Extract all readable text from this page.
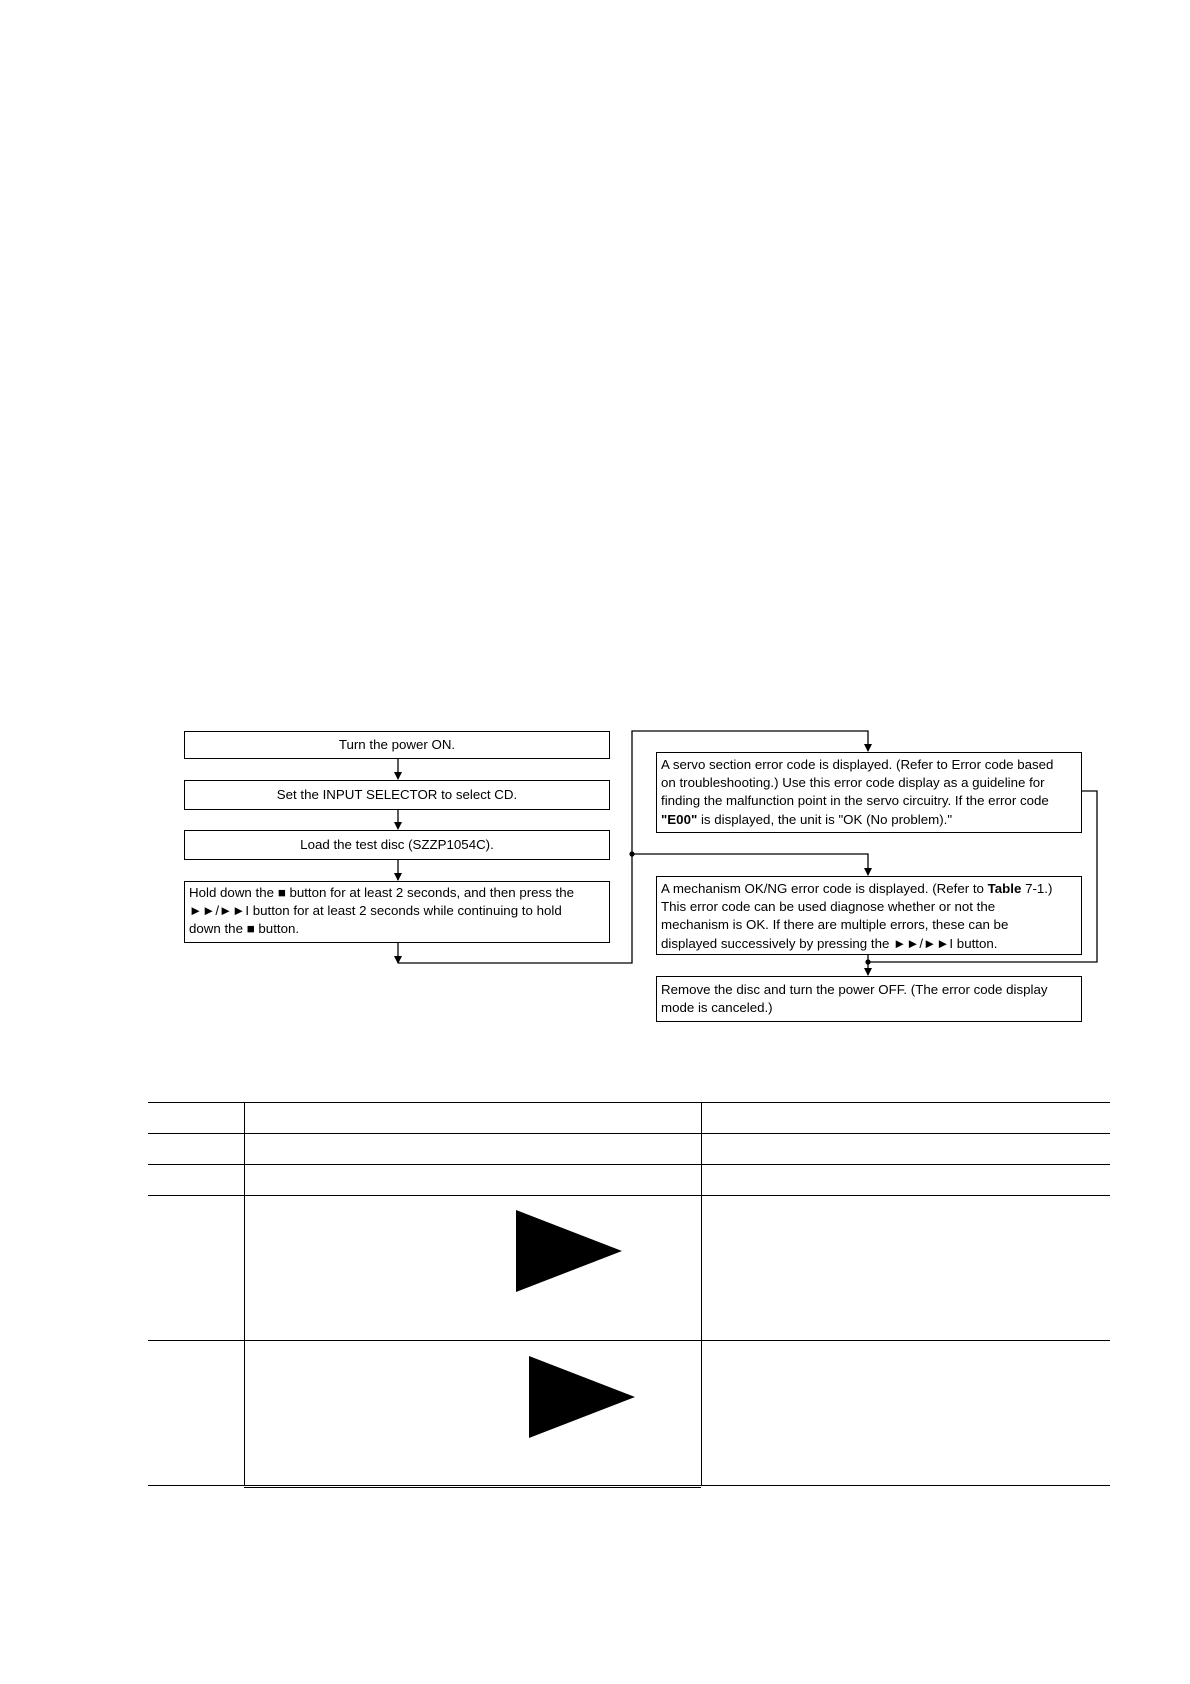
Turn the power ON.
Set the INPUT SELECTOR to select CD.
Load the test disc (SZZP1054C).

Hold down the ■ button for at least 2 seconds, and then press the

►►/►►I button for at least 2 seconds while continuing to hold

down the ■ button.

A servo section error code is displayed. (Refer to Error code based

on troubleshooting.) Use this error code display as a guideline for

finding the malfunction point in the servo circuitry. If the error code

"E00" is displayed, the unit is "OK (No problem)."

A mechanism OK/NG error code is displayed. (Refer to Table 7-1.)

This error code can be used diagnose whether or not the

mechanism is OK. If there are multiple errors, these can be

displayed successively by pressing the ►►/►►I button.

Remove the disc and turn the power OFF. (The error code display

mode is canceled.)
